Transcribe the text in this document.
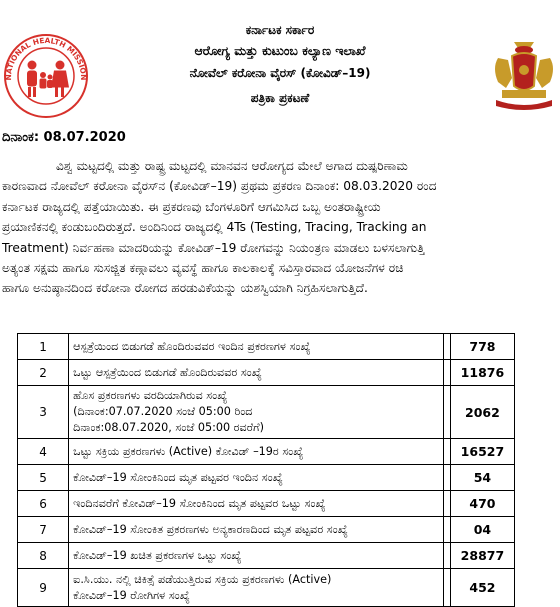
NATIONAL HEALTH MISSION
ಕರ್ನಾಟಕ ಸರ್ಕಾರ
ಆರೋಗ್ಯ ಮತ್ತು ಕುಟುಂಬ ಕಲ್ಯಾಣ ಇಲಾಖೆ
ನೋವೆಲ್ ಕರೋನಾ ವೈರಸ್ (ಕೋವಿಡ್–19)
ಪತ್ರಿಕಾ ಪ್ರಕಟಣೆ
ದಿನಾಂಕ: 08.07.2020
ವಿಶ್ವ ಮಟ್ಟದಲ್ಲಿ ಮತ್ತು ರಾಷ್ಟ್ರ ಮಟ್ಟದಲ್ಲಿ ಮಾನವನ ಆರೋಗ್ಯದ ಮೇಲೆ ಅಗಾದ ದುಷ್ಪರಿಣಾಮ
ಕಾರಣವಾದ ನೋವೆಲ್ ಕರೋನಾ ವೈರಸ್‌ನ (ಕೋವಿಡ್–19) ಪ್ರಥಮ ಪ್ರಕರಣ ದಿನಾಂಕ: 08.03.2020 ರಂದ
ಕರ್ನಾಟಕ ರಾಜ್ಯದಲ್ಲಿ ಪತ್ತೆಯಾಯಿತು. ಈ ಪ್ರಕರಣವು ಬೆಂಗಳೂರಿಗೆ ಆಗಮಿಸಿದ ಒಬ್ಬ ಅಂತರಾಷ್ಟ್ರೀಯ
ಪ್ರಯಾಣಿಕನಲ್ಲಿ ಕಂಡುಬಂದಿರುತ್ತದೆ. ಅಂದಿನಿಂದ ರಾಜ್ಯದಲ್ಲಿ 4Ts (Testing, Tracing, Tracking an
Treatment) ನಿರ್ವಹಣಾ ಮಾದರಿಯನ್ನು ಕೋವಿಡ್–19 ರೋಗವನ್ನು ನಿಯಂತ್ರಣ ಮಾಡಲು ಬಳಸಲಾಗುತ್ತಿ
ಅತ್ಯಂತ ಸಕ್ಷಮ ಹಾಗೂ ಸುಸಜ್ಜಿತ ಕಣ್ಗಾವಲು ವ್ಯವಸ್ಥೆ ಹಾಗೂ ಕಾಲಕಾಲಕ್ಕೆ ಸವಿಸ್ತಾರವಾದ ಯೋಜನೆಗಳ ರಚಿ
ಹಾಗೂ ಅನುಷ್ಠಾನದಿಂದ ಕರೋನಾ ರೋಗದ ಹರಡುವಿಕೆಯನ್ನು ಯಶಸ್ವಿಯಾಗಿ ನಿಗ್ರಹಿಸಲಾಗುತ್ತಿದೆ.
1	ಆಸ್ಪತ್ರೆಯಿಂದ ಬಿಡುಗಡೆ ಹೊಂದಿರುವವರ ಇಂದಿನ ಪ್ರಕರಣಗಳ ಸಂಖ್ಯೆ		778
2	ಒಟ್ಟು ಆಸ್ಪತ್ರೆಯಿಂದ ಬಿಡುಗಡೆ ಹೊಂದಿರುವವರ ಸಂಖ್ಯೆ		11876
3	ಹೊಸ ಪ್ರಕರಣಗಳು ವರದಿಯಾಗಿರುವ ಸಂಖ್ಯೆ
(ದಿನಾಂಕ:07.07.2020 ಸಂಜೆ 05:00 ರಿಂದ
ದಿನಾಂಕ:08.07.2020, ಸಂಜೆ 05:00 ರವರೆಗೆ)		2062
4	ಒಟ್ಟು ಸಕ್ರಿಯ ಪ್ರಕರಣಗಳು (Active) ಕೋವಿಡ್ –19ರ ಸಂಖ್ಯೆ		16527
5	ಕೋವಿಡ್–19 ಸೋಂಕಿನಿಂದ ಮೃತ ಪಟ್ಟವರ ಇಂದಿನ ಸಂಖ್ಯೆ		54
6	ಇಂದಿನವರೆಗೆ ಕೋವಿಡ್–19 ಸೋಂಕಿನಿಂದ ಮೃತ ಪಟ್ಟವರ ಒಟ್ಟು ಸಂಖ್ಯೆ		470
7	ಕೋವಿಡ್–19 ಸೋಂಕಿತ ಪ್ರಕರಣಗಳು ಅನ್ಯಕಾರಣದಿಂದ ಮೃತ ಪಟ್ಟವರ ಸಂಖ್ಯೆ		04
8	ಕೋವಿಡ್–19 ಖಚಿತ ಪ್ರಕರಣಗಳ ಒಟ್ಟು ಸಂಖ್ಯೆ		28877
9	ಐ.ಸಿ.ಯು. ನಲ್ಲಿ ಚಿಕಿತ್ಸೆ ಪಡೆಯುತ್ತಿರುವ ಸಕ್ರಿಯ ಪ್ರಕರಣಗಳು (Active)
ಕೋವಿಡ್–19 ರೋಗಿಗಳ ಸಂಖ್ಯೆ		452
